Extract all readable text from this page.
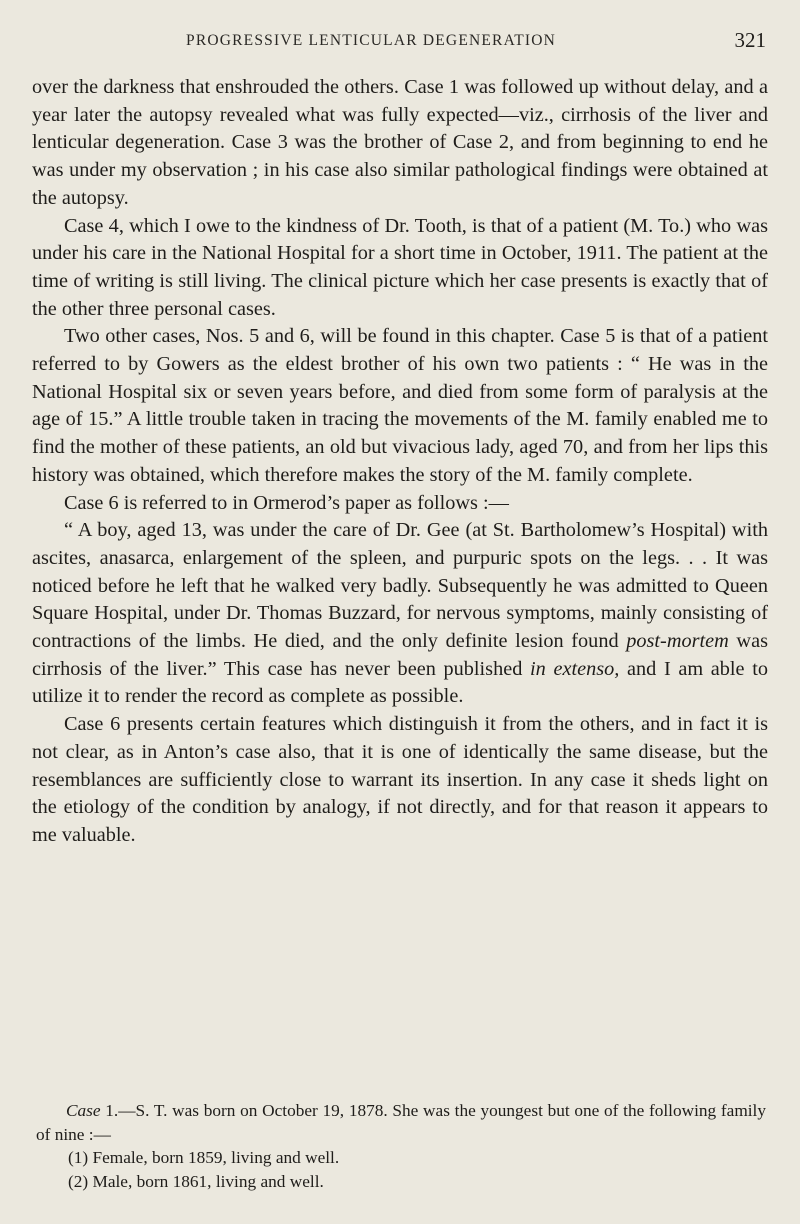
PROGRESSIVE LENTICULAR DEGENERATION	321

over the darkness that enshrouded the others. Case 1 was followed up without delay, and a year later the autopsy revealed what was fully expected—viz., cirrhosis of the liver and lenticular degeneration. Case 3 was the brother of Case 2, and from beginning to end he was under my observation ; in his case also similar pathological findings were obtained at the autopsy.

Case 4, which I owe to the kindness of Dr. Tooth, is that of a patient (M. To.) who was under his care in the National Hospital for a short time in October, 1911. The patient at the time of writing is still living. The clinical picture which her case presents is exactly that of the other three personal cases.

Two other cases, Nos. 5 and 6, will be found in this chapter. Case 5 is that of a patient referred to by Gowers as the eldest brother of his own two patients : “ He was in the National Hospital six or seven years before, and died from some form of paralysis at the age of 15.” A little trouble taken in tracing the movements of the M. family enabled me to find the mother of these patients, an old but vivacious lady, aged 70, and from her lips this history was obtained, which therefore makes the story of the M. family complete.

Case 6 is referred to in Ormerod’s paper as follows :—

“ A boy, aged 13, was under the care of Dr. Gee (at St. Bartholomew’s Hospital) with ascites, anasarca, enlargement of the spleen, and purpuric spots on the legs. . . It was noticed before he left that he walked very badly. Subsequently he was admitted to Queen Square Hospital, under Dr. Thomas Buzzard, for nervous symptoms, mainly consisting of contractions of the limbs. He died, and the only definite lesion found post-mortem was cirrhosis of the liver.” This case has never been published in extenso, and I am able to utilize it to render the record as complete as possible.

Case 6 presents certain features which distinguish it from the others, and in fact it is not clear, as in Anton’s case also, that it is one of identically the same disease, but the resemblances are sufficiently close to warrant its insertion. In any case it sheds light on the etiology of the condition by analogy, if not directly, and for that reason it appears to me valuable.

Case 1.—S. T. was born on October 19, 1878. She was the youngest but one of the following family of nine :—

(1) Female, born 1859, living and well.

(2) Male, born 1861, living and well.
